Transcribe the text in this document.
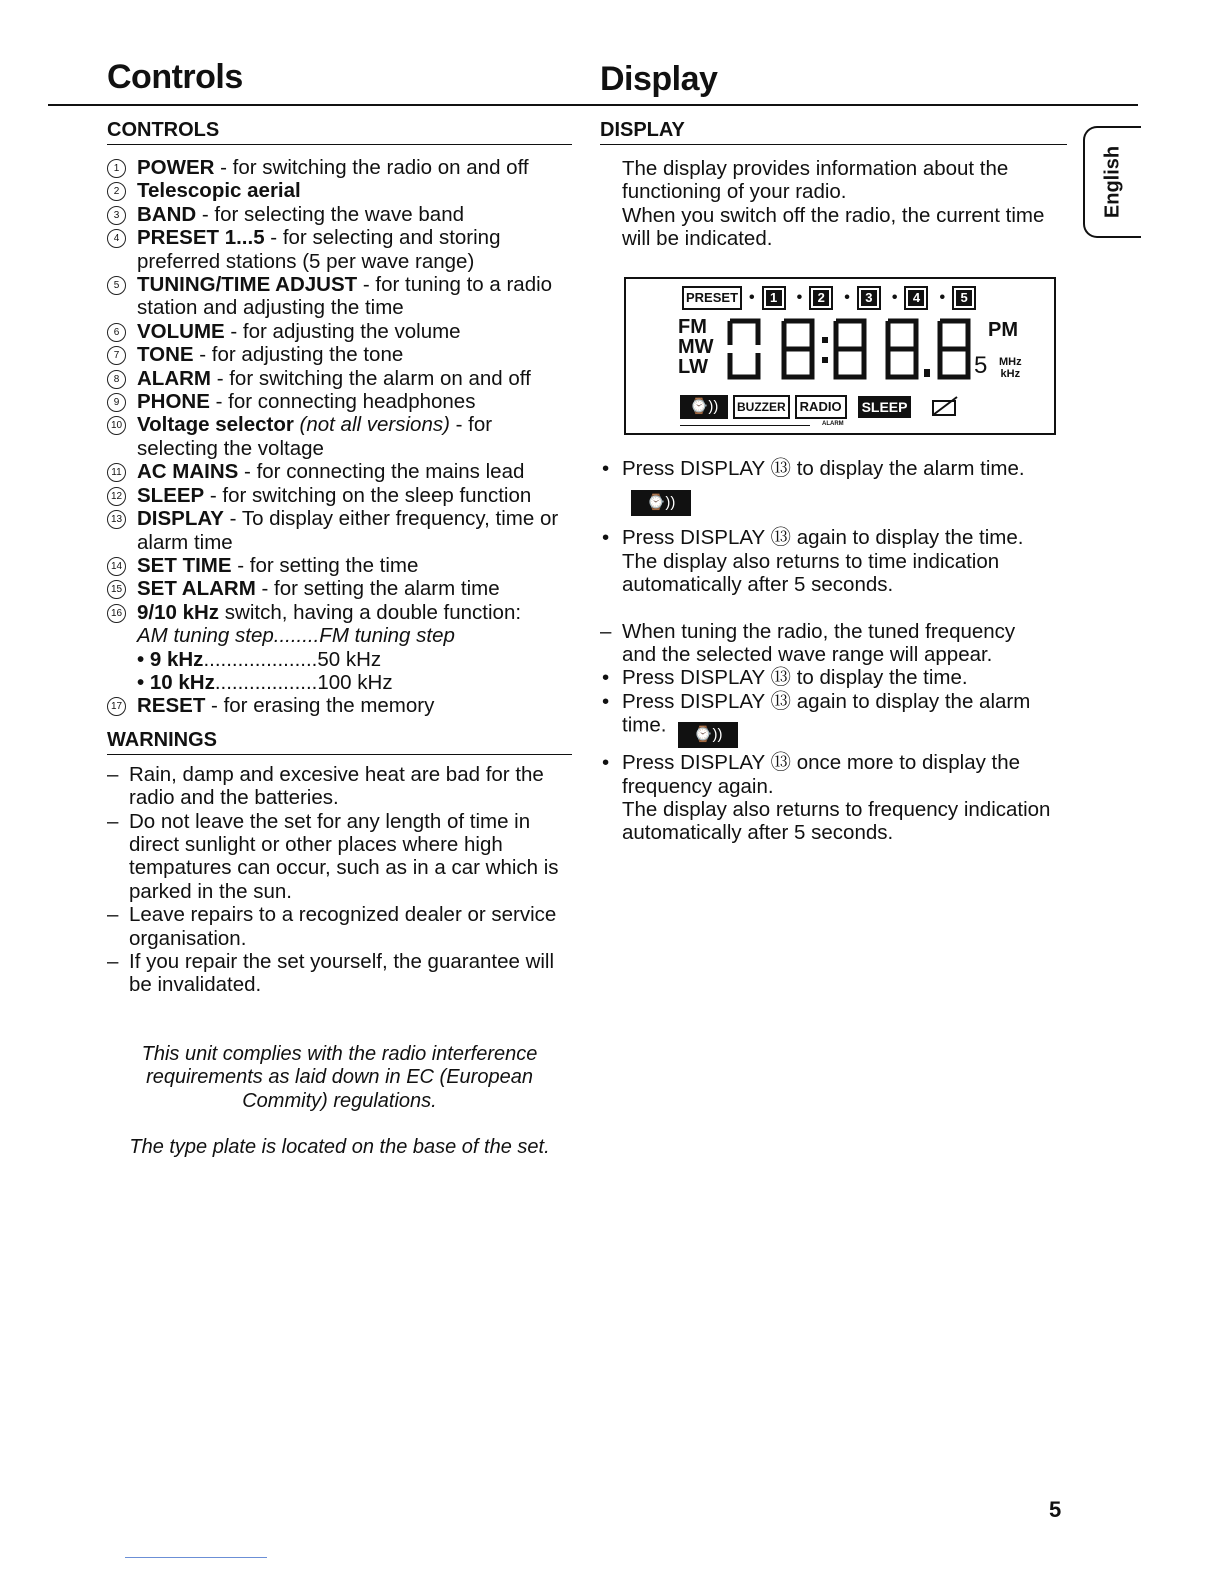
Controls	Display
CONTROLS
1 POWER - for switching the radio on and off
2 Telescopic aerial
3 BAND - for selecting the wave band
4 PRESET 1...5 - for selecting and storing
preferred stations (5 per wave range)
5 TUNING/TIME ADJUST - for tuning to a radio
station and adjusting the time
6 VOLUME - for adjusting the volume
7 TONE - for adjusting the tone
8 ALARM - for switching the alarm on and off
9 PHONE - for connecting headphones
10 Voltage selector (not all versions) - for
selecting the voltage
11 AC MAINS - for connecting the mains lead
12 SLEEP - for switching on the sleep function
13 DISPLAY - To display either frequency, time or
alarm time
14 SET TIME - for setting the time
15 SET ALARM - for setting the alarm time
16 9/10 kHz switch, having a double function:
AM tuning step........FM tuning step
• 9 kHz....................50 kHz
• 10 kHz..................100 kHz
17 RESET - for erasing the memory
WARNINGS
– Rain, damp and excesive heat are bad for the
radio and the batteries.
– Do not leave the set for any length of time in
direct sunlight or other places where high
tempatures can occur, such as in a car which is
parked in the sun.
– Leave repairs to a recognized dealer or service
organisation.
– If you repair the set yourself, the guarantee will
be invalidated.
This unit complies with the radio interference
requirements as laid down in EC (European
Commity) regulations.
The type plate is located on the base of the set.
DISPLAY
The display provides information about the
functioning of your radio.
When you switch off the radio, the current time
will be indicated.
PRESET •	1	•	2	•	3	•	4	•	5
FM
MW
LW	5
PM
MHz
kHz
⌚))	BUZZER	RADIO	SLEEP
ALARM
• Press DISPLAY ⑬ to display the alarm time.
⌚))
• Press DISPLAY ⑬ again to display the time.
The display also returns to time indication
automatically after 5 seconds.
– When tuning the radio, the tuned frequency
and the selected wave range will appear.
• Press DISPLAY ⑬ to display the time.
• Press DISPLAY ⑬ again to display the alarm
time. ⌚))
• Press DISPLAY ⑬ once more to display the
frequency again.
The display also returns to frequency indication
automatically after 5 seconds.
English
5
